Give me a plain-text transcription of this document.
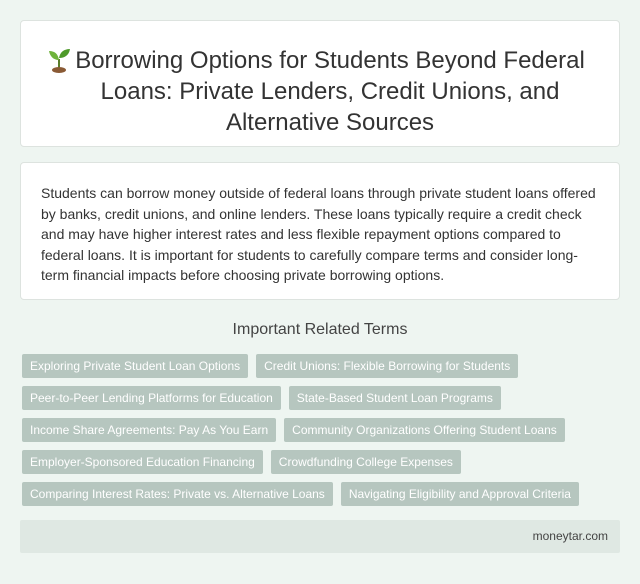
Borrowing Options for Students Beyond Federal Loans: Private Lenders, Credit Unions, and Alternative Sources

Students can borrow money outside of federal loans through private student loans offered by banks, credit unions, and online lenders. These loans typically require a credit check and may have higher interest rates and less flexible repayment options compared to federal loans. It is important for students to carefully compare terms and consider long-term financial impacts before choosing private borrowing options.

Important Related Terms
Exploring Private Student Loan Options	Credit Unions: Flexible Borrowing for Students
Peer-to-Peer Lending Platforms for Education	State-Based Student Loan Programs
Income Share Agreements: Pay As You Earn	Community Organizations Offering Student Loans
Employer-Sponsored Education Financing	Crowdfunding College Expenses
Comparing Interest Rates: Private vs. Alternative Loans	Navigating Eligibility and Approval Criteria
moneytar.com
